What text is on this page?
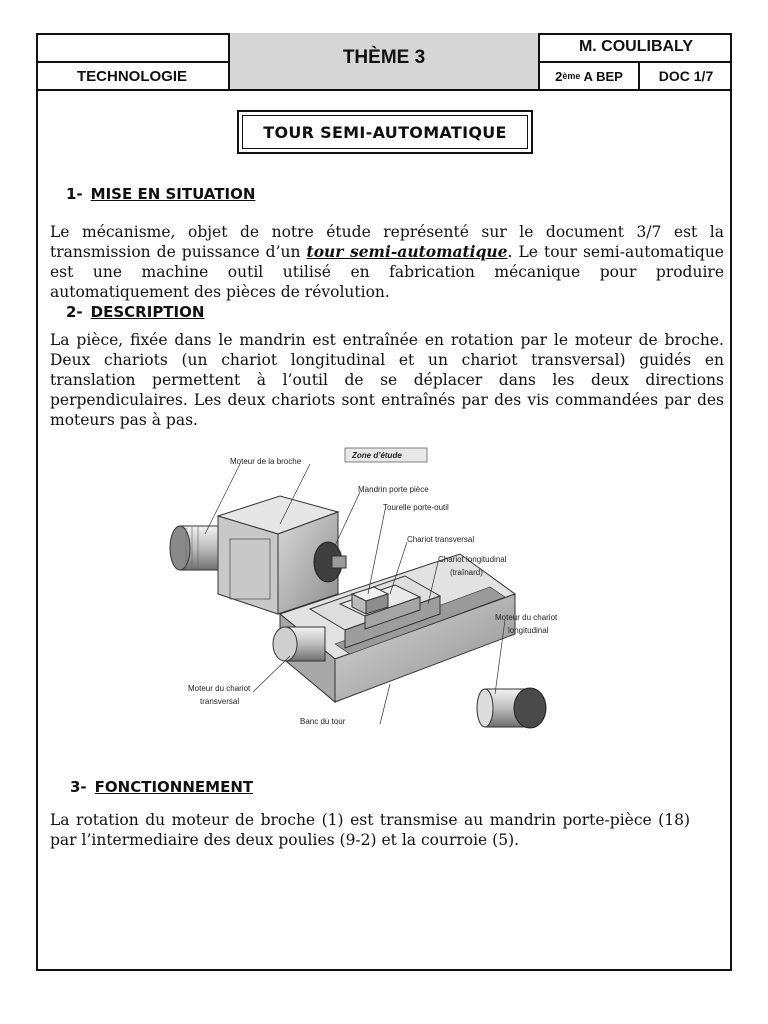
TECHNOLOGIE
THÈME 3
M. COULIBALY
2 ème A BEP	DOC 1/7
TOUR SEMI-AUTOMATIQUE
1- MISE EN SITUATION
Le mécanisme, objet de notre étude représenté sur le document 3/7 est la transmission de puissance d’un tour semi-automatique. Le tour semi-automatique est une machine outil utilisé en fabrication mécanique pour produire automatiquement des pièces de révolution.
2- DESCRIPTION
La pièce, fixée dans le mandrin est entraînée en rotation par le moteur de broche. Deux chariots (un chariot longitudinal et un chariot transversal) guidés en translation permettent à l’outil de se déplacer dans les deux directions perpendiculaires. Les deux chariots sont entraînés par des vis commandées par des moteurs pas à pas.
Moteur de la broche
Zone d’étude
Mandrin porte pièce
Tourelle porte-outil
Chariot transversal
Chariot longitudinal
(traînard)
Moteur du chariot
longitudinal
Moteur du chariot
transversal
Banc du tour
3- FONCTIONNEMENT
La rotation du moteur de broche (1) est transmise au mandrin porte-pièce (18) par l’intermediaire des deux poulies (9-2) et la courroie (5).
